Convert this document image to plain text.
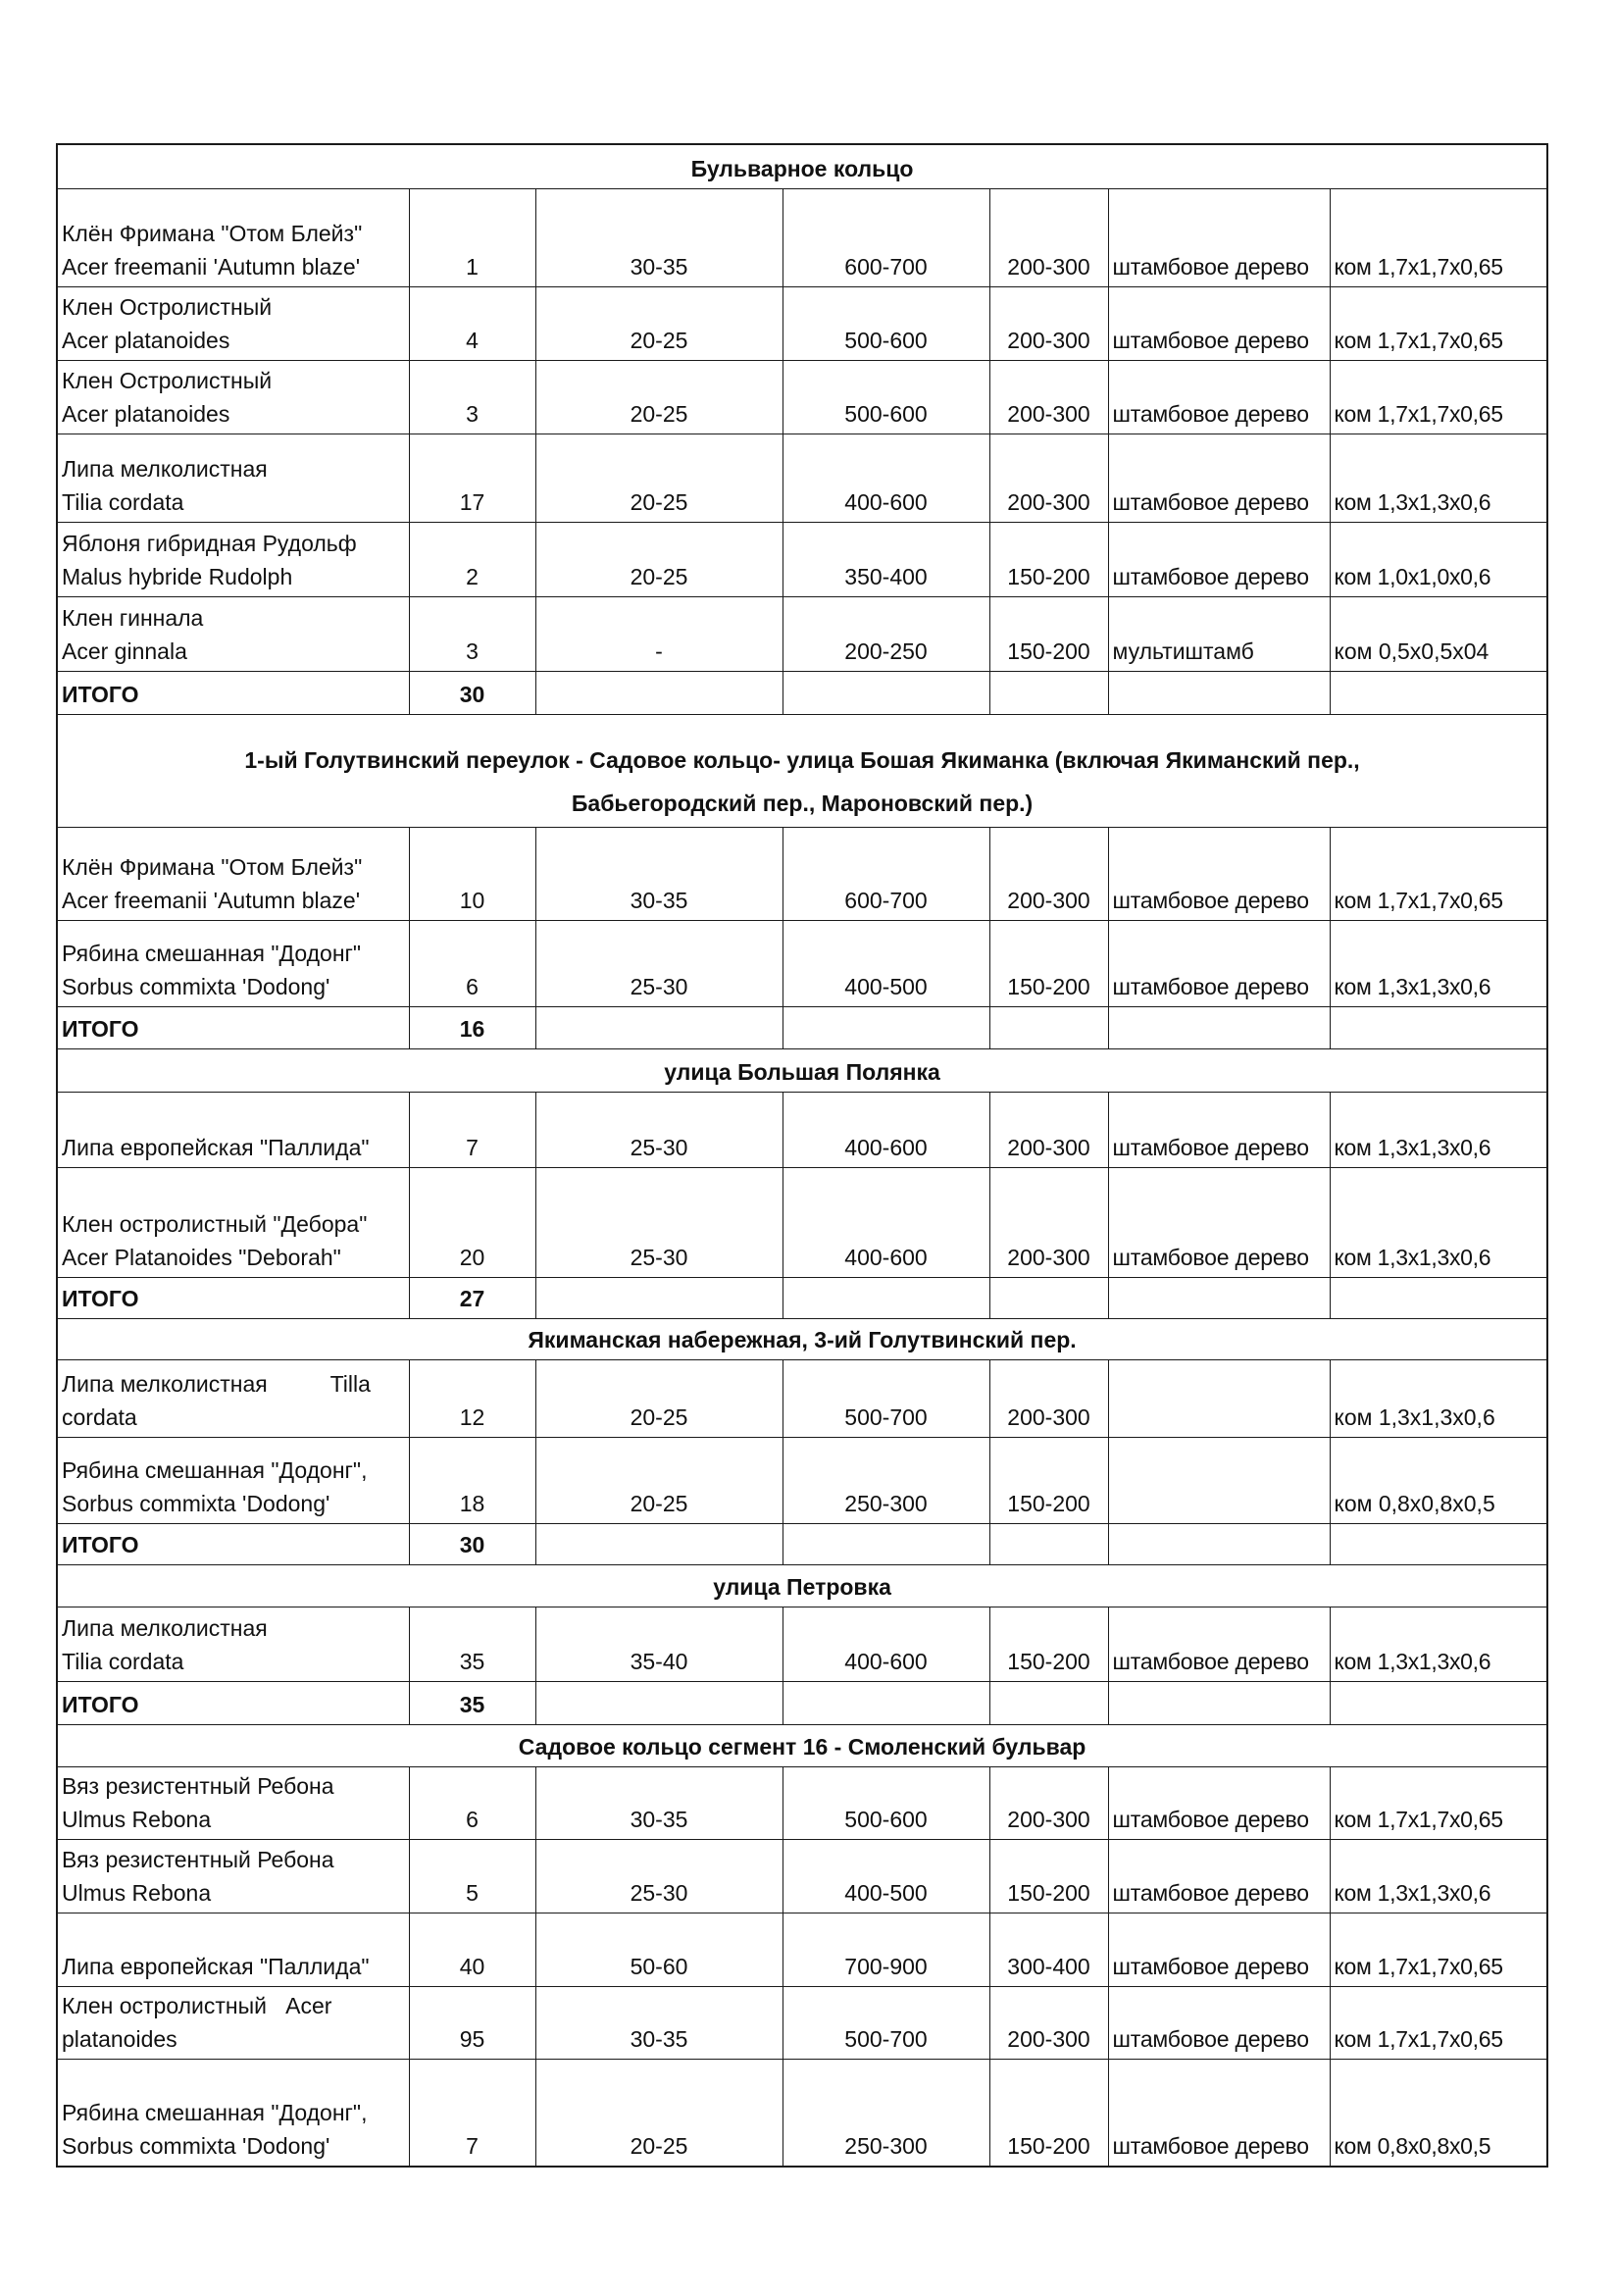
Бульварное кольцо						

Клён Фримана "Отом Блейз"
Acer freemanii 'Autumn blaze'	1	30-35	600-700	200-300	штамбовое дерево	ком 1,7х1,7х0,65

Клен Остролистный
Acer platanoides	4	20-25	500-600	200-300	штамбовое дерево	ком 1,7х1,7х0,65

Клен Остролистный
Acer platanoides	3	20-25	500-600	200-300	штамбовое дерево	ком 1,7х1,7х0,65

Липа мелколистная
Tilia cordata	17	20-25	400-600	200-300	штамбовое дерево	ком 1,3х1,3х0,6

Яблоня гибридная Рудольф
Malus hybride Rudolph	2	20-25	350-400	150-200	штамбовое дерево	ком 1,0х1,0х0,6

Клен гиннала
Acer ginnala	3	-	200-250	150-200	мультиштамб	ком 0,5х0,5х04
ИТОГО	30					

1-ый Голутвинский переулок - Садовое кольцо- улица Бошая Якиманка (включая Якиманский пер.,
Бабьегородский пер., Мароновский пер.)						

Клён Фримана "Отом Блейз"
Acer freemanii 'Autumn blaze'	10	30-35	600-700	200-300	штамбовое дерево	ком 1,7х1,7х0,65

Рябина смешанная "Додонг"
Sorbus commixta 'Dodong'	6	25-30	400-500	150-200	штамбовое дерево	ком 1,3х1,3х0,6
ИТОГО	16					
улица Большая Полянка						

Липа европейская "Паллида"	7	25-30	400-600	200-300	штамбовое дерево	ком 1,3х1,3х0,6

Клен остролистный "Дебора"
Acer Platanoides "Deborah"	20	25-30	400-600	200-300	штамбовое дерево	ком 1,3х1,3х0,6
ИТОГО	27					
Якиманская набережная, 3-ий Голутвинский пер.						

Липа мелколистная          Tilla
cordata	12	20-25	500-700	200-300		ком 1,3х1,3х0,6

Рябина смешанная "Додонг",
Sorbus commixta 'Dodong'	18	20-25	250-300	150-200		ком 0,8х0,8х0,5
ИТОГО	30					
улица Петровка						

Липа мелколистная
Tilia cordata	35	35-40	400-600	150-200	штамбовое дерево	ком 1,3х1,3х0,6
ИТОГО	35					
Садовое кольцо сегмент 16 - Смоленский бульвар						

Вяз резистентный Ребона
Ulmus Rebona	6	30-35	500-600	200-300	штамбовое дерево	ком 1,7х1,7х0,65

Вяз резистентный Ребона
Ulmus Rebona	5	25-30	400-500	150-200	штамбовое дерево	ком 1,3х1,3х0,6

Липа европейская "Паллида"	40	50-60	700-900	300-400	штамбовое дерево	ком 1,7х1,7х0,65

Клен остролистный   Acer
platanoides	95	30-35	500-700	200-300	штамбовое дерево	ком 1,7х1,7х0,65

Рябина смешанная "Додонг",
Sorbus commixta 'Dodong'	7	20-25	250-300	150-200	штамбовое дерево	ком 0,8х0,8х0,5
